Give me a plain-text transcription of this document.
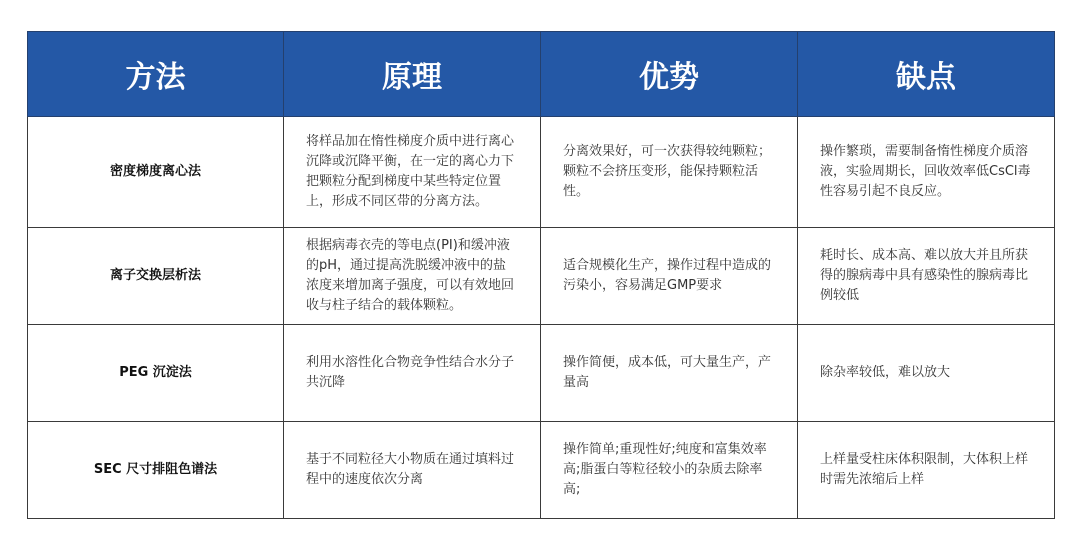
方法	原理	优势	缺点
密度梯度离心法	将样品加在惰性梯度介质中进行离心沉降或沉降平衡，在一定的离心力下把颗粒分配到梯度中某些特定位置上，形成不同区带的分离方法。	分离效果好，可一次获得较纯颗粒；颗粒不会挤压变形，能保持颗粒活性。	操作繁琐，需要制备惰性梯度介质溶液，实验周期长，回收效率低CsCl毒性容易引起不良反应。
离子交换层析法	根据病毒衣壳的等电点(PI)和缓冲液的pH，通过提高洗脱缓冲液中的盐浓度来增加离子强度，可以有效地回收与柱子结合的载体颗粒。	适合规模化生产，操作过程中造成的污染小，容易满足GMP要求	耗时长、成本高、难以放大并且所获得的腺病毒中具有感染性的腺病毒比例较低
PEG 沉淀法	利用水溶性化合物竞争性结合水分子共沉降	操作简便，成本低，可大量生产，产量高	除杂率较低，难以放大
SEC 尺寸排阻色谱法	基于不同粒径大小物质在通过填料过程中的速度依次分离	操作简单;重现性好;纯度和富集效率高;脂蛋白等粒径较小的杂质去除率高;	上样量受柱床体积限制，大体积上样时需先浓缩后上样
